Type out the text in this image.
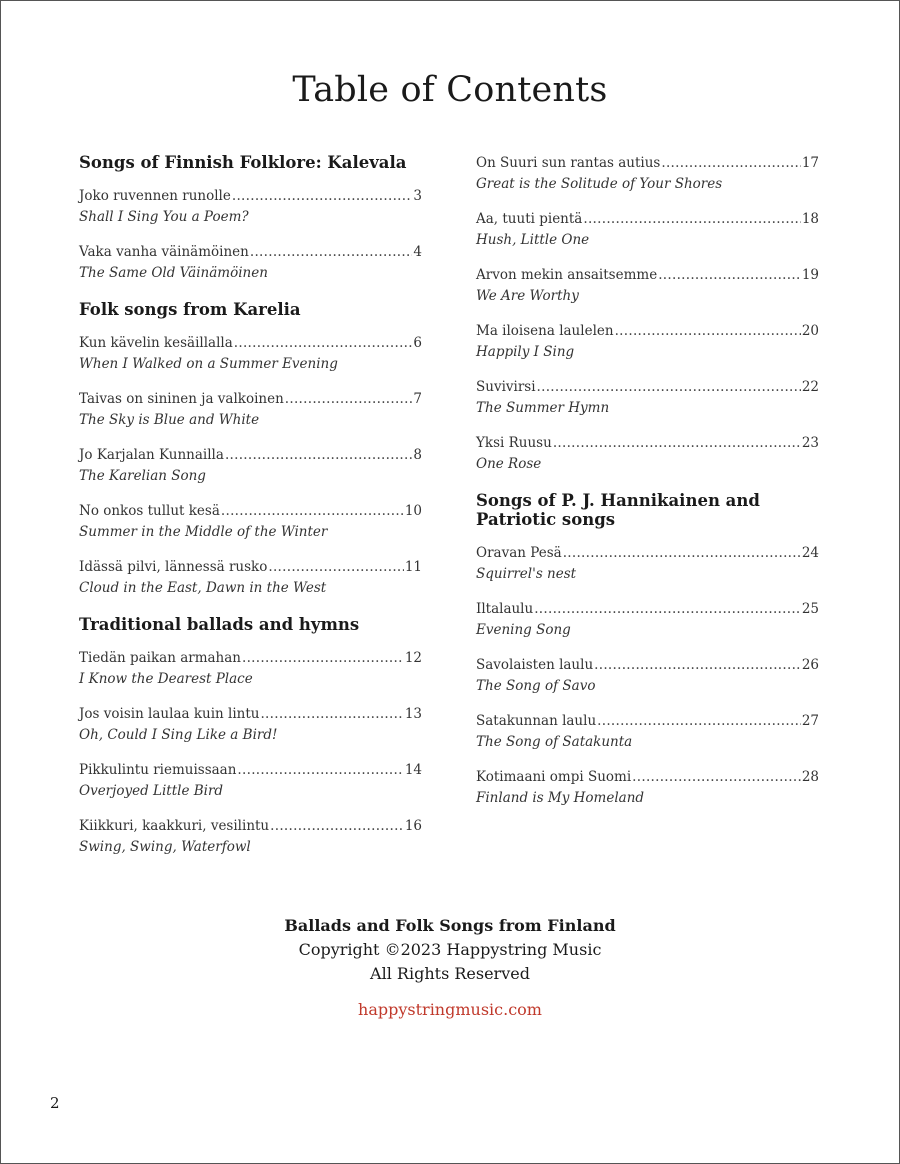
Table of Contents
Songs of Finnish Folklore: Kalevala
Joko ruvennen runolle .....	3
Shall I Sing You a Poem?
Vaka vanha väinämöinen .....	4
The Same Old Väinämöinen
Folk songs from Karelia
Kun kävelin kesäillalla .....	6
When I Walked on a Summer Evening
Taivas on sininen ja valkoinen .....	7
The Sky is Blue and White
Jo Karjalan Kunnailla .....	8
The Karelian Song
No onkos tullut kesä .....	10
Summer in the Middle of the Winter
Idässä pilvi, lännessä rusko .....	11
Cloud in the East, Dawn in the West
Traditional ballads and hymns
Tiedän paikan armahan .....	12
I Know the Dearest Place
Jos voisin laulaa kuin lintu .....	13
Oh, Could I Sing Like a Bird!
Pikkulintu riemuissaan .....	14
Overjoyed Little Bird
Kiikkuri, kaakkuri, vesilintu .....	16
Swing, Swing, Waterfowl
On Suuri sun rantas autius .....	17
Great is the Solitude of Your Shores
Aa, tuuti pientä .....	18
Hush, Little One
Arvon mekin ansaitsemme .....	19
We Are Worthy
Ma iloisena laulelen .....	20
Happily I Sing
Suvivirsi .....	22
The Summer Hymn
Yksi Ruusu .....	23
One Rose
Songs of P. J. Hannikainen and Patriotic songs
Oravan Pesä .....	24
Squirrel's nest
Iltalaulu .....	25
Evening Song
Savolaisten laulu .....	26
The Song of Savo
Satakunnan laulu .....	27
The Song of Satakunta
Kotimaani ompi Suomi .....	28
Finland is My Homeland
Ballads and Folk Songs from Finland
Copyright ©2023 Happystring Music
All Rights Reserved
happystringmusic.com
2
